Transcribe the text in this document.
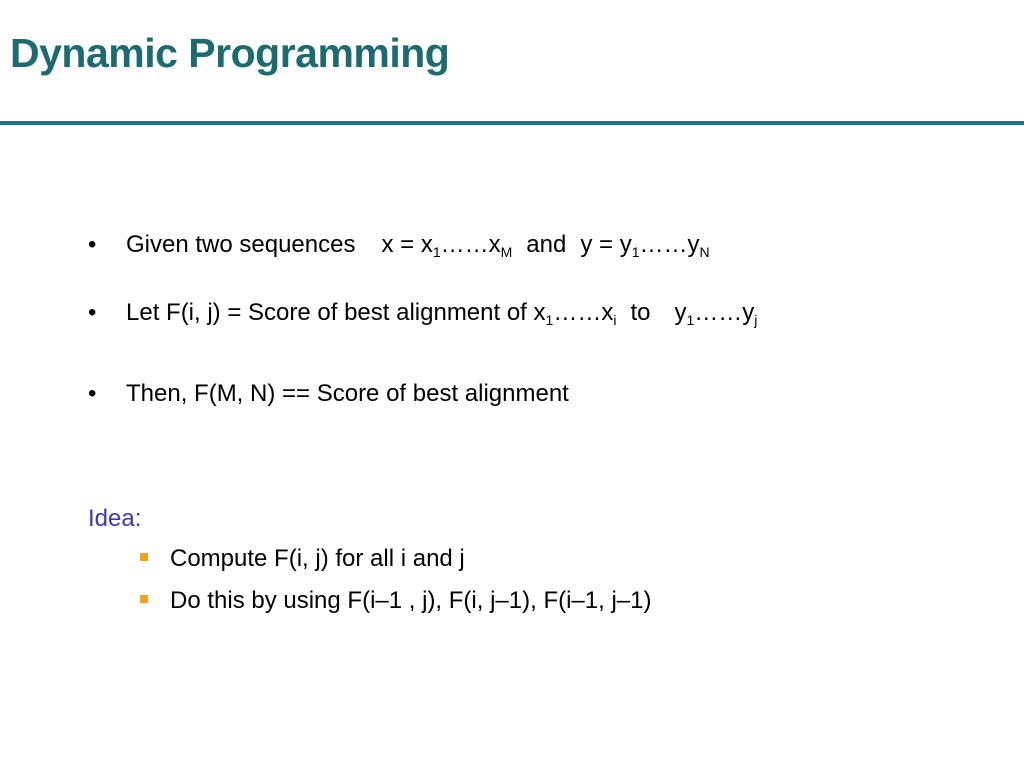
Dynamic Programming
• Given two sequences $x = x_1\dots\dots x_M$ and $y = y_1\dots\dots y_N$
• Let F(i, j) = Score of best alignment of $x_1\dots\dots x_i$ to $y_1\dots\dots y_j$
• Then, F(M, N) == Score of best alignment
Idea:
Compute F(i, j) for all i and j
Do this by using F(i–1 , j), F(i, j–1), F(i–1, j–1)
